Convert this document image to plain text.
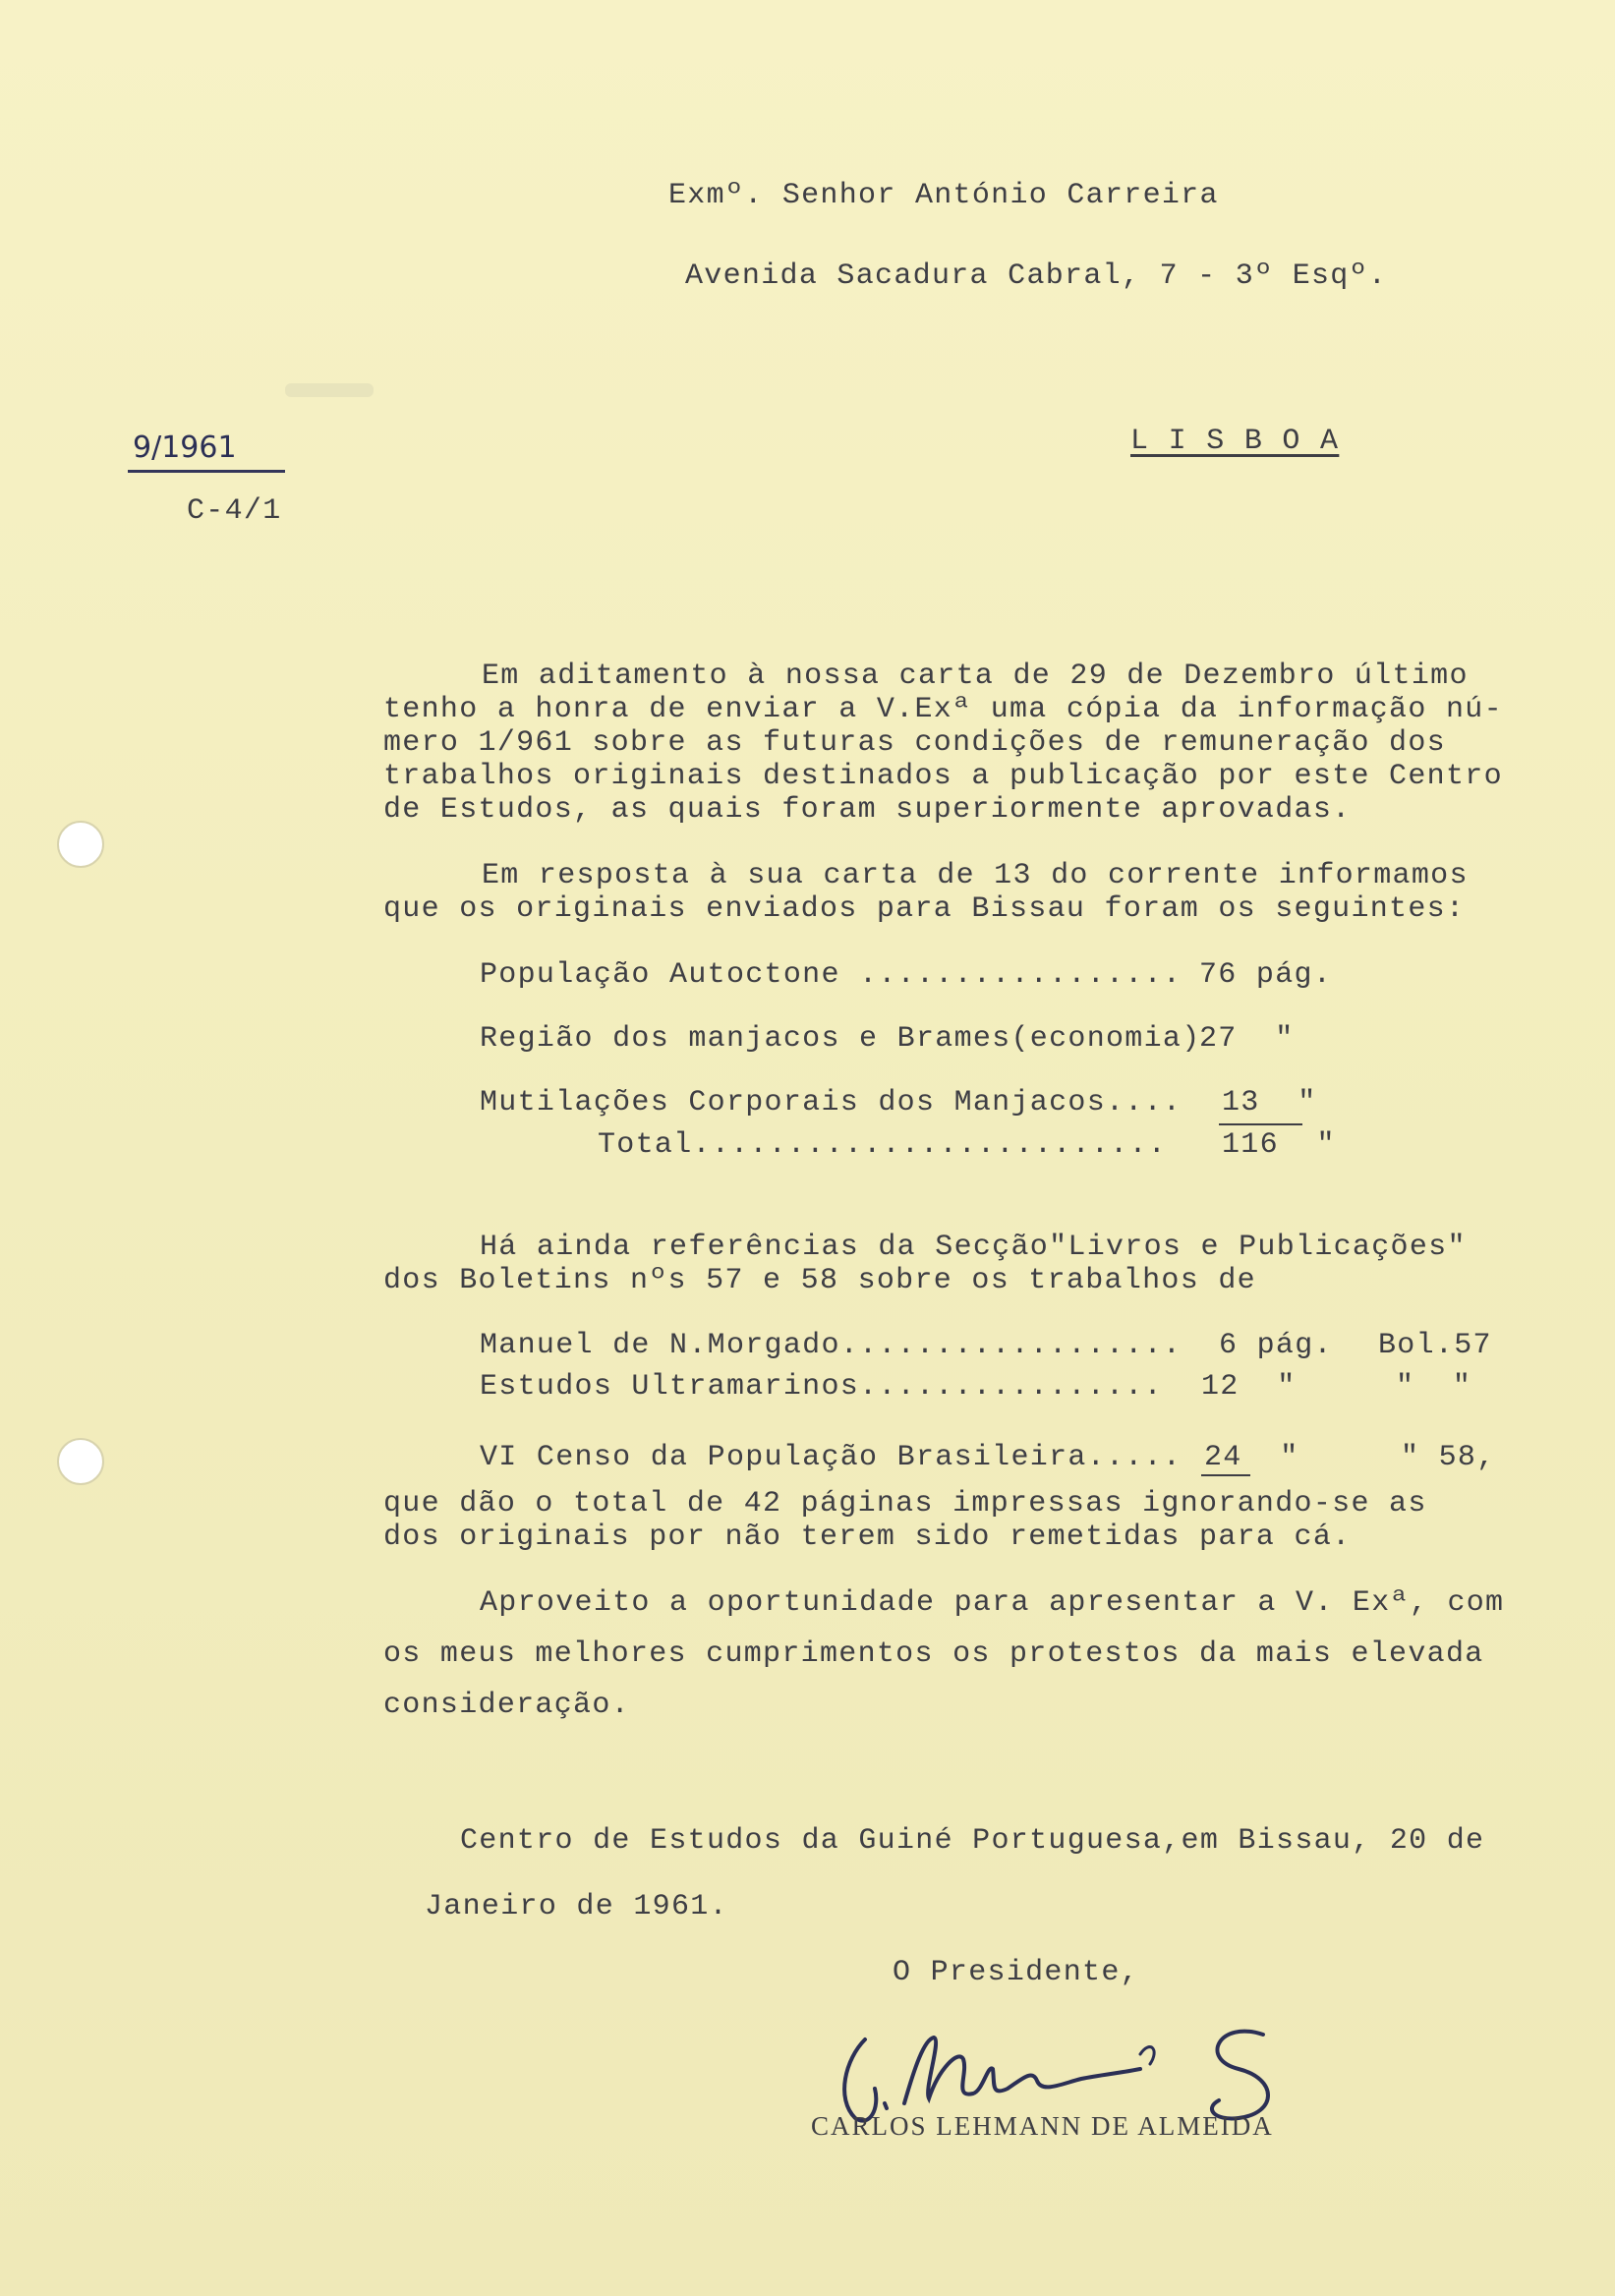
Exmº. Senhor António Carreira
Avenida Sacadura Cabral, 7 - 3º Esqº.
L I S B O A
9/1961
C-4/1
Em aditamento à nossa carta de 29 de Dezembro último
tenho a honra de enviar a V.Exª uma cópia da informação nú-
mero 1/961 sobre as futuras condições de remuneração dos
trabalhos originais destinados a publicação por este Centro
de Estudos, as quais foram superiormente aprovadas.
Em resposta à sua carta de 13 do corrente informamos
que os originais enviados para Bissau foram os seguintes:
População Autoctone ................. 76 pág.
Região dos manjacos e Brames(economia)
27  "
Mutilações Corporais dos Manjacos.... 13  "
Total......................... 116  "
Há ainda referências da Secção"Livros e Publicações"
dos Boletins nºs 57 e 58 sobre os trabalhos de
Manuel de N.Morgado.................. 6 pág. Bol.57
Estudos Ultramarinos................ 12  "	"  "
VI Censo da População Brasileira..... 24  "	" 58,
que dão o total de 42 páginas impressas ignorando-se as
dos originais por não terem sido remetidas para cá.
Aproveito a oportunidade para apresentar a V. Exª, com
os meus melhores cumprimentos os protestos da mais elevada
consideração.
Centro de Estudos da Guiné Portuguesa,em Bissau, 20 de
Janeiro de 1961.
O Presidente,
CARLOS LEHMANN DE ALMEIDA
